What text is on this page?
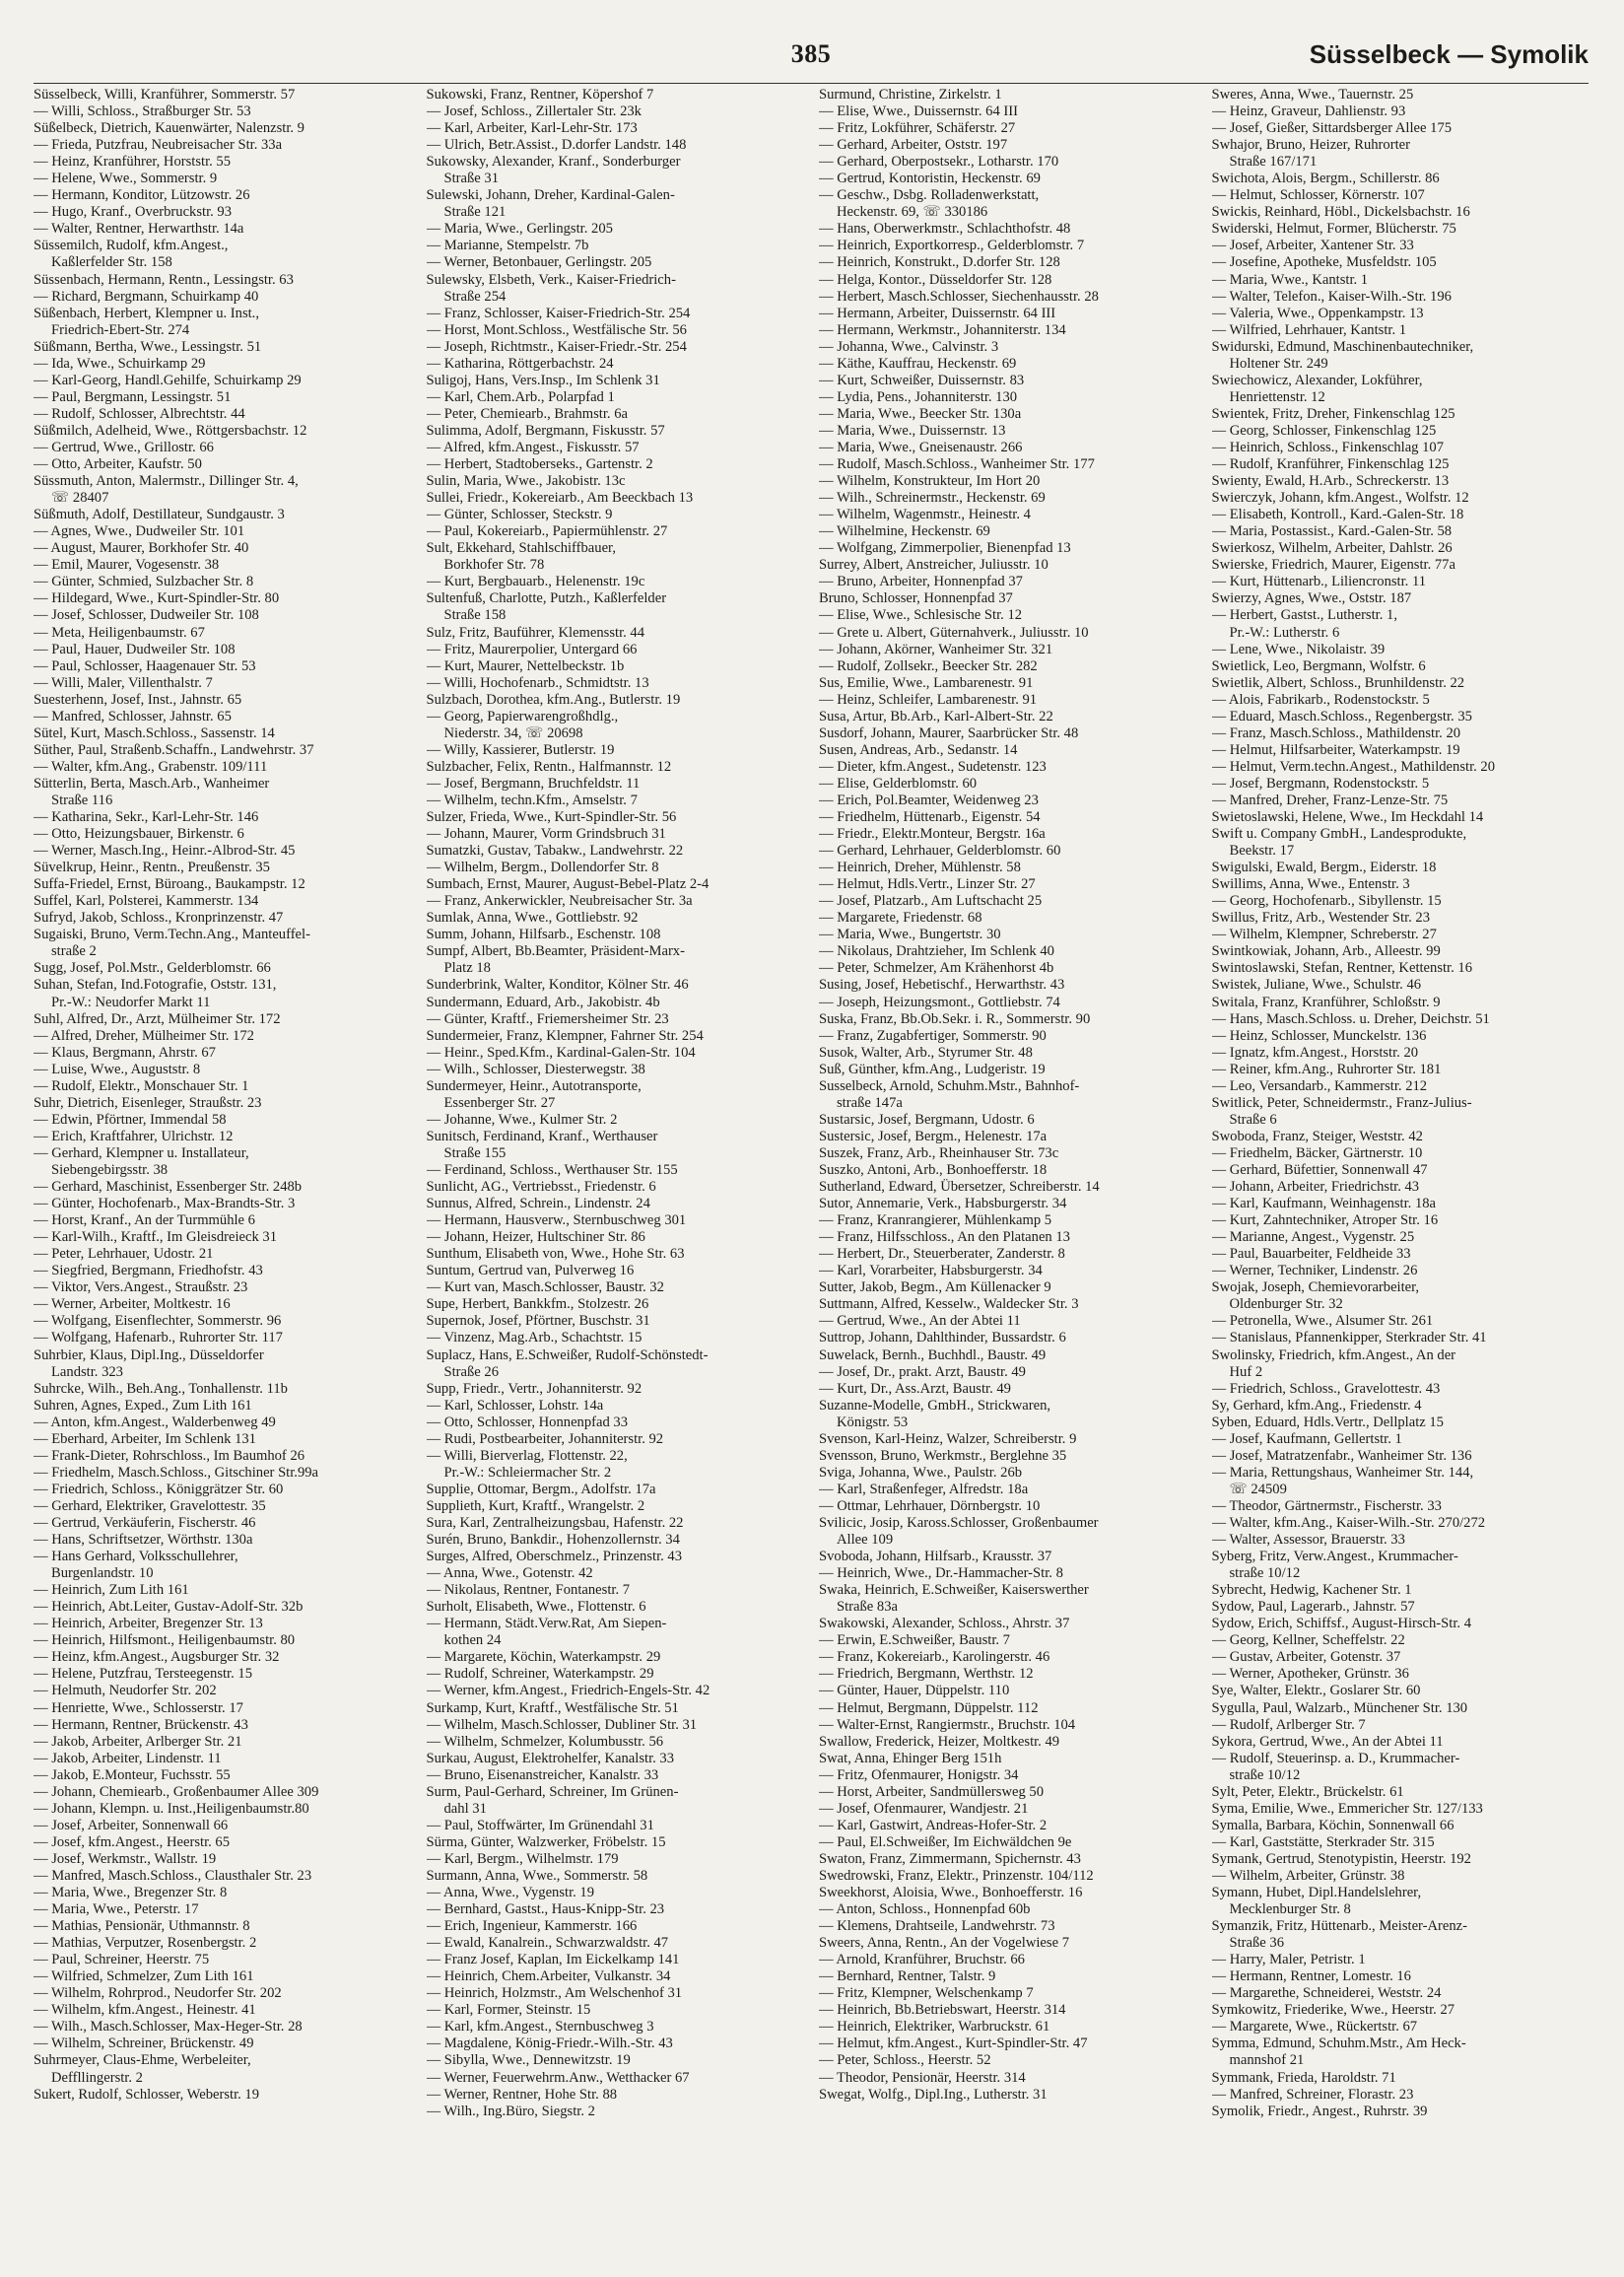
385	Süsselbeck — Symolik
Süsselbeck, Willi, Kranführer, Sommerstr. 57
— Willi, Schloss., Straßburger Str. 53
Süßelbeck, Dietrich, Kauenwärter, Nalenzstr. 9
— Frieda, Putzfrau, Neubreisacher Str. 33a
— Heinz, Kranführer, Horststr. 55
— Helene, Wwe., Sommerstr. 9
— Hermann, Konditor, Lützowstr. 26
— Hugo, Kranf., Overbruckstr. 93
— Walter, Rentner, Herwarthstr. 14a
Süssemilch, Rudolf, kfm.Angest.,
Kaßlerfelder Str. 158
Süssenbach, Hermann, Rentn., Lessingstr. 63
— Richard, Bergmann, Schuirkamp 40
Süßenbach, Herbert, Klempner u. Inst.,
Friedrich-Ebert-Str. 274
Süßmann, Bertha, Wwe., Lessingstr. 51
— Ida, Wwe., Schuirkamp 29
— Karl-Georg, Handl.Gehilfe, Schuirkamp 29
— Paul, Bergmann, Lessingstr. 51
— Rudolf, Schlosser, Albrechtstr. 44
Süßmilch, Adelheid, Wwe., Röttgersbachstr. 12
— Gertrud, Wwe., Grillostr. 66
— Otto, Arbeiter, Kaufstr. 50
Süssmuth, Anton, Malermstr., Dillinger Str. 4,
☏ 28407
Süßmuth, Adolf, Destillateur, Sundgaustr. 3
— Agnes, Wwe., Dudweiler Str. 101
— August, Maurer, Borkhofer Str. 40
— Emil, Maurer, Vogesenstr. 38
— Günter, Schmied, Sulzbacher Str. 8
— Hildegard, Wwe., Kurt-Spindler-Str. 80
— Josef, Schlosser, Dudweiler Str. 108
— Meta, Heiligenbaumstr. 67
— Paul, Hauer, Dudweiler Str. 108
— Paul, Schlosser, Haagenauer Str. 53
— Willi, Maler, Villenthalstr. 7
Suesterhenn, Josef, Inst., Jahnstr. 65
— Manfred, Schlosser, Jahnstr. 65
Sütel, Kurt, Masch.Schloss., Sassenstr. 14
Süther, Paul, Straßenb.Schaffn., Landwehrstr. 37
— Walter, kfm.Ang., Grabenstr. 109/111
Sütterlin, Berta, Masch.Arb., Wanheimer
Straße 116
— Katharina, Sekr., Karl-Lehr-Str. 146
— Otto, Heizungsbauer, Birkenstr. 6
— Werner, Masch.Ing., Heinr.-Albrod-Str. 45
Süvelkrup, Heinr., Rentn., Preußenstr. 35
Suffa-Friedel, Ernst, Büroang., Baukampstr. 12
Suffel, Karl, Polsterei, Kammerstr. 134
Sufryd, Jakob, Schloss., Kronprinzenstr. 47
Sugaiski, Bruno, Verm.Techn.Ang., Manteuffel-
straße 2
Sugg, Josef, Pol.Mstr., Gelderblomstr. 66
Suhan, Stefan, Ind.Fotografie, Oststr. 131,
Pr.-W.: Neudorfer Markt 11
Suhl, Alfred, Dr., Arzt, Mülheimer Str. 172
— Alfred, Dreher, Mülheimer Str. 172
— Klaus, Bergmann, Ahrstr. 67
— Luise, Wwe., Auguststr. 8
— Rudolf, Elektr., Monschauer Str. 1
Suhr, Dietrich, Eisenleger, Straußstr. 23
— Edwin, Pförtner, Immendal 58
— Erich, Kraftfahrer, Ulrichstr. 12
— Gerhard, Klempner u. Installateur,
Siebengebirgsstr. 38
— Gerhard, Maschinist, Essenberger Str. 248b
— Günter, Hochofenarb., Max-Brandts-Str. 3
— Horst, Kranf., An der Turmmühle 6
— Karl-Wilh., Kraftf., Im Gleisdreieck 31
— Peter, Lehrhauer, Udostr. 21
— Siegfried, Bergmann, Friedhofstr. 43
— Viktor, Vers.Angest., Straußstr. 23
— Werner, Arbeiter, Moltkestr. 16
— Wolfgang, Eisenflechter, Sommerstr. 96
— Wolfgang, Hafenarb., Ruhrorter Str. 117
Suhrbier, Klaus, Dipl.Ing., Düsseldorfer
Landstr. 323
Suhrcke, Wilh., Beh.Ang., Tonhallenstr. 11b
Suhren, Agnes, Exped., Zum Lith 161
— Anton, kfm.Angest., Walderbenweg 49
— Eberhard, Arbeiter, Im Schlenk 131
— Frank-Dieter, Rohrschloss., Im Baumhof 26
— Friedhelm, Masch.Schloss., Gitschiner Str.99a
— Friedrich, Schloss., Königgrätzer Str. 60
— Gerhard, Elektriker, Gravelottestr. 35
— Gertrud, Verkäuferin, Fischerstr. 46
— Hans, Schriftsetzer, Wörthstr. 130a
— Hans Gerhard, Volksschullehrer,
Burgenlandstr. 10
— Heinrich, Zum Lith 161
— Heinrich, Abt.Leiter, Gustav-Adolf-Str. 32b
— Heinrich, Arbeiter, Bregenzer Str. 13
— Heinrich, Hilfsmont., Heiligenbaumstr. 80
— Heinz, kfm.Angest., Augsburger Str. 32
— Helene, Putzfrau, Tersteegenstr. 15
— Helmuth, Neudorfer Str. 202
— Henriette, Wwe., Schlosserstr. 17
— Hermann, Rentner, Brückenstr. 43
— Jakob, Arbeiter, Arlberger Str. 21
— Jakob, Arbeiter, Lindenstr. 11
— Jakob, E.Monteur, Fuchsstr. 55
— Johann, Chemiearb., Großenbaumer Allee 309
— Johann, Klempn. u. Inst.,Heiligenbaumstr.80
— Josef, Arbeiter, Sonnenwall 66
— Josef, kfm.Angest., Heerstr. 65
— Josef, Werkmstr., Wallstr. 19
— Manfred, Masch.Schloss., Clausthaler Str. 23
— Maria, Wwe., Bregenzer Str. 8
— Maria, Wwe., Peterstr. 17
— Mathias, Pensionär, Uthmannstr. 8
— Mathias, Verputzer, Rosenbergstr. 2
— Paul, Schreiner, Heerstr. 75
— Wilfried, Schmelzer, Zum Lith 161
— Wilhelm, Rohrprod., Neudorfer Str. 202
— Wilhelm, kfm.Angest., Heinestr. 41
— Wilh., Masch.Schlosser, Max-Heger-Str. 28
— Wilhelm, Schreiner, Brückenstr. 49
Suhrmeyer, Claus-Ehme, Werbeleiter,
Deffllingerstr. 2
Sukert, Rudolf, Schlosser, Weberstr. 19
Sukowski, Franz, Rentner, Köpershof 7
— Josef, Schloss., Zillertaler Str. 23k
— Karl, Arbeiter, Karl-Lehr-Str. 173
— Ulrich, Betr.Assist., D.dorfer Landstr. 148
Sukowsky, Alexander, Kranf., Sonderburger
Straße 31
Sulewski, Johann, Dreher, Kardinal-Galen-
Straße 121
— Maria, Wwe., Gerlingstr. 205
— Marianne, Stempelstr. 7b
— Werner, Betonbauer, Gerlingstr. 205
Sulewsky, Elsbeth, Verk., Kaiser-Friedrich-
Straße 254
— Franz, Schlosser, Kaiser-Friedrich-Str. 254
— Horst, Mont.Schloss., Westfälische Str. 56
— Joseph, Richtmstr., Kaiser-Friedr.-Str. 254
— Katharina, Röttgerbachstr. 24
Suligoj, Hans, Vers.Insp., Im Schlenk 31
— Karl, Chem.Arb., Polarpfad 1
— Peter, Chemiearb., Brahmstr. 6a
Sulimma, Adolf, Bergmann, Fiskusstr. 57
— Alfred, kfm.Angest., Fiskusstr. 57
— Herbert, Stadtoberseks., Gartenstr. 2
Sulin, Maria, Wwe., Jakobistr. 13c
Sullei, Friedr., Kokereiarb., Am Beeckbach 13
— Günter, Schlosser, Steckstr. 9
— Paul, Kokereiarb., Papiermühlenstr. 27
Sult, Ekkehard, Stahlschiffbauer,
Borkhofer Str. 78
— Kurt, Bergbauarb., Helenenstr. 19c
Sultenfuß, Charlotte, Putzh., Kaßlerfelder
Straße 158
Sulz, Fritz, Bauführer, Klemensstr. 44
— Fritz, Maurerpolier, Untergard 66
— Kurt, Maurer, Nettelbeckstr. 1b
— Willi, Hochofenarb., Schmidtstr. 13
Sulzbach, Dorothea, kfm.Ang., Butlerstr. 19
— Georg, Papierwarengroßhdlg.,
Niederstr. 34, ☏ 20698
— Willy, Kassierer, Butlerstr. 19
Sulzbacher, Felix, Rentn., Halfmannstr. 12
— Josef, Bergmann, Bruchfeldstr. 11
— Wilhelm, techn.Kfm., Amselstr. 7
Sulzer, Frieda, Wwe., Kurt-Spindler-Str. 56
— Johann, Maurer, Vorm Grindsbruch 31
Sumatzki, Gustav, Tabakw., Landwehrstr. 22
— Wilhelm, Bergm., Dollendorfer Str. 8
Sumbach, Ernst, Maurer, August-Bebel-Platz 2-4
— Franz, Ankerwickler, Neubreisacher Str. 3a
Sumlak, Anna, Wwe., Gottliebstr. 92
Summ, Johann, Hilfsarb., Eschenstr. 108
Sumpf, Albert, Bb.Beamter, Präsident-Marx-
Platz 18
Sunderbrink, Walter, Konditor, Kölner Str. 46
Sundermann, Eduard, Arb., Jakobistr. 4b
— Günter, Kraftf., Friemersheimer Str. 23
Sundermeier, Franz, Klempner, Fahrner Str. 254
— Heinr., Sped.Kfm., Kardinal-Galen-Str. 104
— Wilh., Schlosser, Diesterwegstr. 38
Sundermeyer, Heinr., Autotransporte,
Essenberger Str. 27
— Johanne, Wwe., Kulmer Str. 2
Sunitsch, Ferdinand, Kranf., Werthauser
Straße 155
— Ferdinand, Schloss., Werthauser Str. 155
Sunlicht, AG., Vertriebsst., Friedenstr. 6
Sunnus, Alfred, Schrein., Lindenstr. 24
— Hermann, Hausverw., Sternbuschweg 301
— Johann, Heizer, Hultschiner Str. 86
Sunthum, Elisabeth von, Wwe., Hohe Str. 63
Suntum, Gertrud van, Pulverweg 16
— Kurt van, Masch.Schlosser, Baustr. 32
Supe, Herbert, Bankkfm., Stolzestr. 26
Supernok, Josef, Pförtner, Buschstr. 31
— Vinzenz, Mag.Arb., Schachtstr. 15
Suplacz, Hans, E.Schweißer, Rudolf-Schönstedt-
Straße 26
Supp, Friedr., Vertr., Johanniterstr. 92
— Karl, Schlosser, Lohstr. 14a
— Otto, Schlosser, Honnenpfad 33
— Rudi, Postbearbeiter, Johanniterstr. 92
— Willi, Bierverlag, Flottenstr. 22,
Pr.-W.: Schleiermacher Str. 2
Supplie, Ottomar, Bergm., Adolfstr. 17a
Supplieth, Kurt, Kraftf., Wrangelstr. 2
Sura, Karl, Zentralheizungsbau, Hafenstr. 22
Surén, Bruno, Bankdir., Hohenzollernstr. 34
Surges, Alfred, Oberschmelz., Prinzenstr. 43
— Anna, Wwe., Gotenstr. 42
— Nikolaus, Rentner, Fontanestr. 7
Surholt, Elisabeth, Wwe., Flottenstr. 6
— Hermann, Städt.Verw.Rat, Am Siepen-
kothen 24
— Margarete, Köchin, Waterkampstr. 29
— Rudolf, Schreiner, Waterkampstr. 29
— Werner, kfm.Angest., Friedrich-Engels-Str. 42
Surkamp, Kurt, Kraftf., Westfälische Str. 51
— Wilhelm, Masch.Schlosser, Dubliner Str. 31
— Wilhelm, Schmelzer, Kolumbusstr. 56
Surkau, August, Elektrohelfer, Kanalstr. 33
— Bruno, Eisenanstreicher, Kanalstr. 33
Surm, Paul-Gerhard, Schreiner, Im Grünen-
dahl 31
— Paul, Stoffwärter, Im Grünendahl 31
Sürma, Günter, Walzwerker, Fröbelstr. 15
— Karl, Bergm., Wilhelmstr. 179
Surmann, Anna, Wwe., Sommerstr. 58
— Anna, Wwe., Vygenstr. 19
— Bernhard, Gastst., Haus-Knipp-Str. 23
— Erich, Ingenieur, Kammerstr. 166
— Ewald, Kanalrein., Schwarzwaldstr. 47
— Franz Josef, Kaplan, Im Eickelkamp 141
— Heinrich, Chem.Arbeiter, Vulkanstr. 34
— Heinrich, Holzmstr., Am Welschenhof 31
— Karl, Former, Steinstr. 15
— Karl, kfm.Angest., Sternbuschweg 3
— Magdalene, König-Friedr.-Wilh.-Str. 43
— Sibylla, Wwe., Dennewitzstr. 19
— Werner, Feuerwehrm.Anw., Wetthacker 67
— Werner, Rentner, Hohe Str. 88
— Wilh., Ing.Büro, Siegstr. 2
Surmund, Christine, Zirkelstr. 1
— Elise, Wwe., Duissernstr. 64 III
— Fritz, Lokführer, Schäferstr. 27
— Gerhard, Arbeiter, Oststr. 197
— Gerhard, Oberpostsekr., Lotharstr. 170
— Gertrud, Kontoristin, Heckenstr. 69
— Geschw., Dsbg. Rolladenwerkstatt,
Heckenstr. 69, ☏ 330186
— Hans, Oberwerkmstr., Schlachthofstr. 48
— Heinrich, Exportkorresp., Gelderblomstr. 7
— Heinrich, Konstrukt., D.dorfer Str. 128
— Helga, Kontor., Düsseldorfer Str. 128
— Herbert, Masch.Schlosser, Siechenhausstr. 28
— Hermann, Arbeiter, Duissernstr. 64 III
— Hermann, Werkmstr., Johanniterstr. 134
— Johanna, Wwe., Calvinstr. 3
— Käthe, Kauffrau, Heckenstr. 69
— Kurt, Schweißer, Duissernstr. 83
— Lydia, Pens., Johanniterstr. 130
— Maria, Wwe., Beecker Str. 130a
— Maria, Wwe., Duissernstr. 13
— Maria, Wwe., Gneisenaustr. 266
— Rudolf, Masch.Schloss., Wanheimer Str. 177
— Wilhelm, Konstrukteur, Im Hort 20
— Wilh., Schreinermstr., Heckenstr. 69
— Wilhelm, Wagenmstr., Heinestr. 4
— Wilhelmine, Heckenstr. 69
— Wolfgang, Zimmerpolier, Bienenpfad 13
Surrey, Albert, Anstreicher, Juliusstr. 10
— Bruno, Arbeiter, Honnenpfad 37
Bruno, Schlosser, Honnenpfad 37
— Elise, Wwe., Schlesische Str. 12
— Grete u. Albert, Güternahverk., Juliusstr. 10
— Johann, Akörner, Wanheimer Str. 321
— Rudolf, Zollsekr., Beecker Str. 282
Sus, Emilie, Wwe., Lambarenestr. 91
— Heinz, Schleifer, Lambarenestr. 91
Susa, Artur, Bb.Arb., Karl-Albert-Str. 22
Susdorf, Johann, Maurer, Saarbrücker Str. 48
Susen, Andreas, Arb., Sedanstr. 14
— Dieter, kfm.Angest., Sudetenstr. 123
— Elise, Gelderblomstr. 60
— Erich, Pol.Beamter, Weidenweg 23
— Friedhelm, Hüttenarb., Eigenstr. 54
— Friedr., Elektr.Monteur, Bergstr. 16a
— Gerhard, Lehrhauer, Gelderblomstr. 60
— Heinrich, Dreher, Mühlenstr. 58
— Helmut, Hdls.Vertr., Linzer Str. 27
— Josef, Platzarb., Am Luftschacht 25
— Margarete, Friedenstr. 68
— Maria, Wwe., Bungertstr. 30
— Nikolaus, Drahtzieher, Im Schlenk 40
— Peter, Schmelzer, Am Krähenhorst 4b
Susing, Josef, Hebetischf., Herwarthstr. 43
— Joseph, Heizungsmont., Gottliebstr. 74
Suska, Franz, Bb.Ob.Sekr. i. R., Sommerstr. 90
— Franz, Zugabfertiger, Sommerstr. 90
Susok, Walter, Arb., Styrumer Str. 48
Suß, Günther, kfm.Ang., Ludgeristr. 19
Susselbeck, Arnold, Schuhm.Mstr., Bahnhof-
straße 147a
Sustarsic, Josef, Bergmann, Udostr. 6
Sustersic, Josef, Bergm., Helenestr. 17a
Suszek, Franz, Arb., Rheinhauser Str. 73c
Suszko, Antoni, Arb., Bonhoefferstr. 18
Sutherland, Edward, Übersetzer, Schreiberstr. 14
Sutor, Annemarie, Verk., Habsburgerstr. 34
— Franz, Kranrangierer, Mühlenkamp 5
— Franz, Hilfsschloss., An den Platanen 13
— Herbert, Dr., Steuerberater, Zanderstr. 8
— Karl, Vorarbeiter, Habsburgerstr. 34
Sutter, Jakob, Begm., Am Küllenacker 9
Suttmann, Alfred, Kesselw., Waldecker Str. 3
— Gertrud, Wwe., An der Abtei 11
Suttrop, Johann, Dahlthinder, Bussardstr. 6
Suwelack, Bernh., Buchhdl., Baustr. 49
— Josef, Dr., prakt. Arzt, Baustr. 49
— Kurt, Dr., Ass.Arzt, Baustr. 49
Suzanne-Modelle, GmbH., Strickwaren,
Königstr. 53
Svenson, Karl-Heinz, Walzer, Schreiberstr. 9
Svensson, Bruno, Werkmstr., Berglehne 35
Sviga, Johanna, Wwe., Paulstr. 26b
— Karl, Straßenfeger, Alfredstr. 18a
— Ottmar, Lehrhauer, Dörnbergstr. 10
Svilicic, Josip, Kaross.Schlosser, Großenbaumer
Allee 109
Svoboda, Johann, Hilfsarb., Krausstr. 37
— Heinrich, Wwe., Dr.-Hammacher-Str. 8
Swaka, Heinrich, E.Schweißer, Kaiserswerther
Straße 83a
Swakowski, Alexander, Schloss., Ahrstr. 37
— Erwin, E.Schweißer, Baustr. 7
— Franz, Kokereiarb., Karolingerstr. 46
— Friedrich, Bergmann, Werthstr. 12
— Günter, Hauer, Düppelstr. 110
— Helmut, Bergmann, Düppelstr. 112
— Walter-Ernst, Rangiermstr., Bruchstr. 104
Swallow, Frederick, Heizer, Moltkestr. 49
Swat, Anna, Ehinger Berg 151h
— Fritz, Ofenmaurer, Honigstr. 34
— Horst, Arbeiter, Sandmüllersweg 50
— Josef, Ofenmaurer, Wandjestr. 21
— Karl, Gastwirt, Andreas-Hofer-Str. 2
— Paul, El.Schweißer, Im Eichwäldchen 9e
Swaton, Franz, Zimmermann, Spichernstr. 43
Swedrowski, Franz, Elektr., Prinzenstr. 104/112
Sweekhorst, Aloisia, Wwe., Bonhoefferstr. 16
— Anton, Schloss., Honnenpfad 60b
— Klemens, Drahtseile, Landwehrstr. 73
Sweers, Anna, Rentn., An der Vogelwiese 7
— Arnold, Kranführer, Bruchstr. 66
— Bernhard, Rentner, Talstr. 9
— Fritz, Klempner, Welschenkamp 7
— Heinrich, Bb.Betriebswart, Heerstr. 314
— Heinrich, Elektriker, Warbruckstr. 61
— Helmut, kfm.Angest., Kurt-Spindler-Str. 47
— Peter, Schloss., Heerstr. 52
— Theodor, Pensionär, Heerstr. 314
Swegat, Wolfg., Dipl.Ing., Lutherstr. 31
Sweres, Anna, Wwe., Tauernstr. 25
— Heinz, Graveur, Dahlienstr. 93
— Josef, Gießer, Sittardsberger Allee 175
Swhajor, Bruno, Heizer, Ruhrorter
Straße 167/171
Swichota, Alois, Bergm., Schillerstr. 86
— Helmut, Schlosser, Körnerstr. 107
Swickis, Reinhard, Höbl., Dickelsbachstr. 16
Swiderski, Helmut, Former, Blücherstr. 75
— Josef, Arbeiter, Xantener Str. 33
— Josefine, Apotheke, Musfeldstr. 105
— Maria, Wwe., Kantstr. 1
— Walter, Telefon., Kaiser-Wilh.-Str. 196
— Valeria, Wwe., Oppenkampstr. 13
— Wilfried, Lehrhauer, Kantstr. 1
Swidurski, Edmund, Maschinenbautechniker,
Holtener Str. 249
Swiechowicz, Alexander, Lokführer,
Henriettenstr. 12
Swientek, Fritz, Dreher, Finkenschlag 125
— Georg, Schlosser, Finkenschlag 125
— Heinrich, Schloss., Finkenschlag 107
— Rudolf, Kranführer, Finkenschlag 125
Swienty, Ewald, H.Arb., Schreckerstr. 13
Swierczyk, Johann, kfm.Angest., Wolfstr. 12
— Elisabeth, Kontroll., Kard.-Galen-Str. 18
— Maria, Postassist., Kard.-Galen-Str. 58
Swierkosz, Wilhelm, Arbeiter, Dahlstr. 26
Swierske, Friedrich, Maurer, Eigenstr. 77a
— Kurt, Hüttenarb., Liliencronstr. 11
Swierzy, Agnes, Wwe., Oststr. 187
— Herbert, Gastst., Lutherstr. 1,
Pr.-W.: Lutherstr. 6
— Lene, Wwe., Nikolaistr. 39
Swietlick, Leo, Bergmann, Wolfstr. 6
Swietlik, Albert, Schloss., Brunhildenstr. 22
— Alois, Fabrikarb., Rodenstockstr. 5
— Eduard, Masch.Schloss., Regenbergstr. 35
— Franz, Masch.Schloss., Mathildenstr. 20
— Helmut, Hilfsarbeiter, Waterkampstr. 19
— Helmut, Verm.techn.Angest., Mathildenstr. 20
— Josef, Bergmann, Rodenstockstr. 5
— Manfred, Dreher, Franz-Lenze-Str. 75
Swietoslawski, Helene, Wwe., Im Heckdahl 14
Swift u. Company GmbH., Landesprodukte,
Beekstr. 17
Swigulski, Ewald, Bergm., Eiderstr. 18
Swillims, Anna, Wwe., Entenstr. 3
— Georg, Hochofenarb., Sibyllenstr. 15
Swillus, Fritz, Arb., Westender Str. 23
— Wilhelm, Klempner, Schreberstr. 27
Swintkowiak, Johann, Arb., Alleestr. 99
Swintoslawski, Stefan, Rentner, Kettenstr. 16
Swistek, Juliane, Wwe., Schulstr. 46
Switala, Franz, Kranführer, Schloßstr. 9
— Hans, Masch.Schloss. u. Dreher, Deichstr. 51
— Heinz, Schlosser, Munckelstr. 136
— Ignatz, kfm.Angest., Horststr. 20
— Reiner, kfm.Ang., Ruhrorter Str. 181
— Leo, Versandarb., Kammerstr. 212
Switlick, Peter, Schneidermstr., Franz-Julius-
Straße 6
Swoboda, Franz, Steiger, Weststr. 42
— Friedhelm, Bäcker, Gärtnerstr. 10
— Gerhard, Büfettier, Sonnenwall 47
— Johann, Arbeiter, Friedrichstr. 43
— Karl, Kaufmann, Weinhagenstr. 18a
— Kurt, Zahntechniker, Atroper Str. 16
— Marianne, Angest., Vygenstr. 25
— Paul, Bauarbeiter, Feldheide 33
— Werner, Techniker, Lindenstr. 26
Swojak, Joseph, Chemievorarbeiter,
Oldenburger Str. 32
— Petronella, Wwe., Alsumer Str. 261
— Stanislaus, Pfannenkipper, Sterkrader Str. 41
Swolinsky, Friedrich, kfm.Angest., An der
Huf 2
— Friedrich, Schloss., Gravelottestr. 43
Sy, Gerhard, kfm.Ang., Friedenstr. 4
Syben, Eduard, Hdls.Vertr., Dellplatz 15
— Josef, Kaufmann, Gellertstr. 1
— Josef, Matratzenfabr., Wanheimer Str. 136
— Maria, Rettungshaus, Wanheimer Str. 144,
☏ 24509
— Theodor, Gärtnermstr., Fischerstr. 33
— Walter, kfm.Ang., Kaiser-Wilh.-Str. 270/272
— Walter, Assessor, Brauerstr. 33
Syberg, Fritz, Verw.Angest., Krummacher-
straße 10/12
Sybrecht, Hedwig, Kachener Str. 1
Sydow, Paul, Lagerarb., Jahnstr. 57
Sydow, Erich, Schiffsf., August-Hirsch-Str. 4
— Georg, Kellner, Scheffelstr. 22
— Gustav, Arbeiter, Gotenstr. 37
— Werner, Apotheker, Grünstr. 36
Sye, Walter, Elektr., Goslarer Str. 60
Sygulla, Paul, Walzarb., Münchener Str. 130
— Rudolf, Arlberger Str. 7
Sykora, Gertrud, Wwe., An der Abtei 11
— Rudolf, Steuerinsp. a. D., Krummacher-
straße 10/12
Sylt, Peter, Elektr., Brückelstr. 61
Syma, Emilie, Wwe., Emmericher Str. 127/133
Symalla, Barbara, Köchin, Sonnenwall 66
— Karl, Gaststätte, Sterkrader Str. 315
Symank, Gertrud, Stenotypistin, Heerstr. 192
— Wilhelm, Arbeiter, Grünstr. 38
Symann, Hubet, Dipl.Handelslehrer,
Mecklenburger Str. 8
Symanzik, Fritz, Hüttenarb., Meister-Arenz-
Straße 36
— Harry, Maler, Petristr. 1
— Hermann, Rentner, Lomestr. 16
— Margarethe, Schneiderei, Weststr. 24
Symkowitz, Friederike, Wwe., Heerstr. 27
— Margarete, Wwe., Rückertstr. 67
Symma, Edmund, Schuhm.Mstr., Am Heck-
mannshof 21
Symmank, Frieda, Haroldstr. 71
— Manfred, Schreiner, Florastr. 23
Symolik, Friedr., Angest., Ruhrstr. 39
